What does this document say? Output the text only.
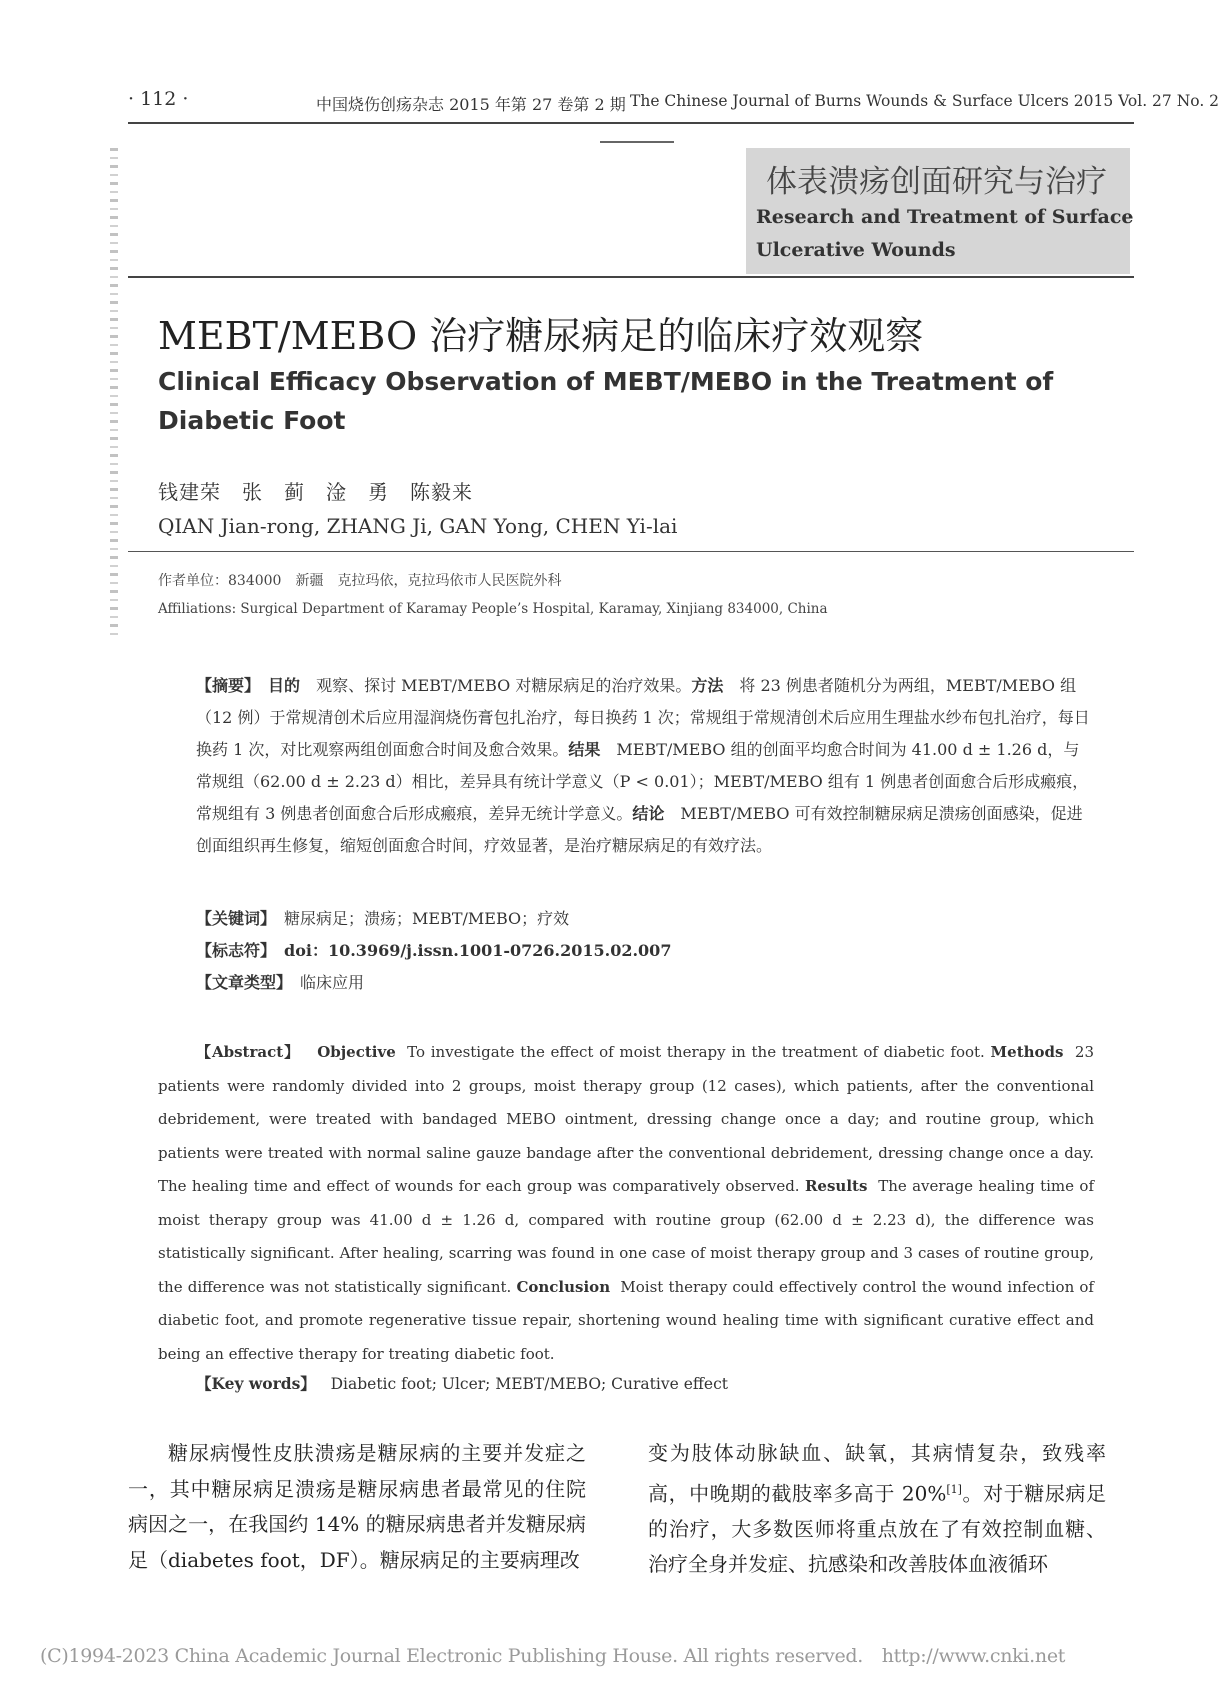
· 112 ·	中国烧伤创疡杂志 2015 年第 27 卷第 2 期 The Chinese Journal of Burns Wounds & Surface Ulcers 2015 Vol. 27 No. 2
体表溃疡创面研究与治疗
Research and Treatment of Surface
Ulcerative Wounds
MEBT/MEBO 治疗糖尿病足的临床疗效观察
Clinical Efficacy Observation of MEBT/MEBO in the Treatment of Diabetic Foot
钱建荣　张　蓟　淦　勇　陈毅来
QIAN Jian-rong, ZHANG Ji, GAN Yong, CHEN Yi-lai
作者单位：834000　新疆　克拉玛依，克拉玛依市人民医院外科
Affiliations: Surgical Department of Karamay People’s Hospital, Karamay, Xinjiang 834000, China
【摘要】　 目的　 观察、探讨 MEBT/MEBO 对糖尿病足的治疗效果。方法　 将 23 例患者随机分为两组，MEBT/MEBO 组（12 例）于常规清创术后应用湿润烧伤膏包扎治疗，每日换药 1 次；常规组于常规清创术后应用生理盐水纱布包扎治疗，每日换药 1 次，对比观察两组创面愈合时间及愈合效果。结果　 MEBT/MEBO 组的创面平均愈合时间为 41.00 d ± 1.26 d，与常规组（62.00 d ± 2.23 d）相比，差异具有统计学意义（P < 0.01）；MEBT/MEBO 组有 1 例患者创面愈合后形成瘢痕，常规组有 3 例患者创面愈合后形成瘢痕，差异无统计学意义。结论　 MEBT/MEBO 可有效控制糖尿病足溃疡创面感染，促进创面组织再生修复，缩短创面愈合时间，疗效显著，是治疗糖尿病足的有效疗法。
【关键词】　 糖尿病足；溃疡；MEBT/MEBO；疗效
【标志符】　 doi：10.3969/j.issn.1001-0726.2015.02.007
【文章类型】　 临床应用
【Abstract】 Objective To investigate the effect of moist therapy in the treatment of diabetic foot. Methods 23 patients were randomly divided into 2 groups, moist therapy group (12 cases), which patients, after the conventional debridement, were treated with bandaged MEBO ointment, dressing change once a day; and routine group, which patients were treated with normal saline gauze bandage after the conventional debridement, dressing change once a day. The healing time and effect of wounds for each group was comparatively observed. Results The average healing time of moist therapy group was 41.00 d ± 1.26 d, compared with routine group (62.00 d ± 2.23 d), the difference was statistically significant. After healing, scarring was found in one case of moist therapy group and 3 cases of routine group, the difference was not statistically significant. Conclusion Moist therapy could effectively control the wound infection of diabetic foot, and promote regenerative tissue repair, shortening wound healing time with significant curative effect and being an effective therapy for treating diabetic foot.
【Key words】 Diabetic foot; Ulcer; MEBT/MEBO; Curative effect
糖尿病慢性皮肤溃疡是糖尿病的主要并发症之一，其中糖尿病足溃疡是糖尿病患者最常见的住院病因之一，在我国约 14% 的糖尿病患者并发糖尿病足（diabetes foot，DF）。糖尿病足的主要病理改
变为肢体动脉缺血、缺氧，其病情复杂，致残率高，中晚期的截肢率多高于 20%[1]。对于糖尿病足的治疗，大多数医师将重点放在了有效控制血糖、治疗全身并发症、抗感染和改善肢体血液循环
(C)1994-2023 China Academic Journal Electronic Publishing House. All rights reserved.　http://www.cnki.net
